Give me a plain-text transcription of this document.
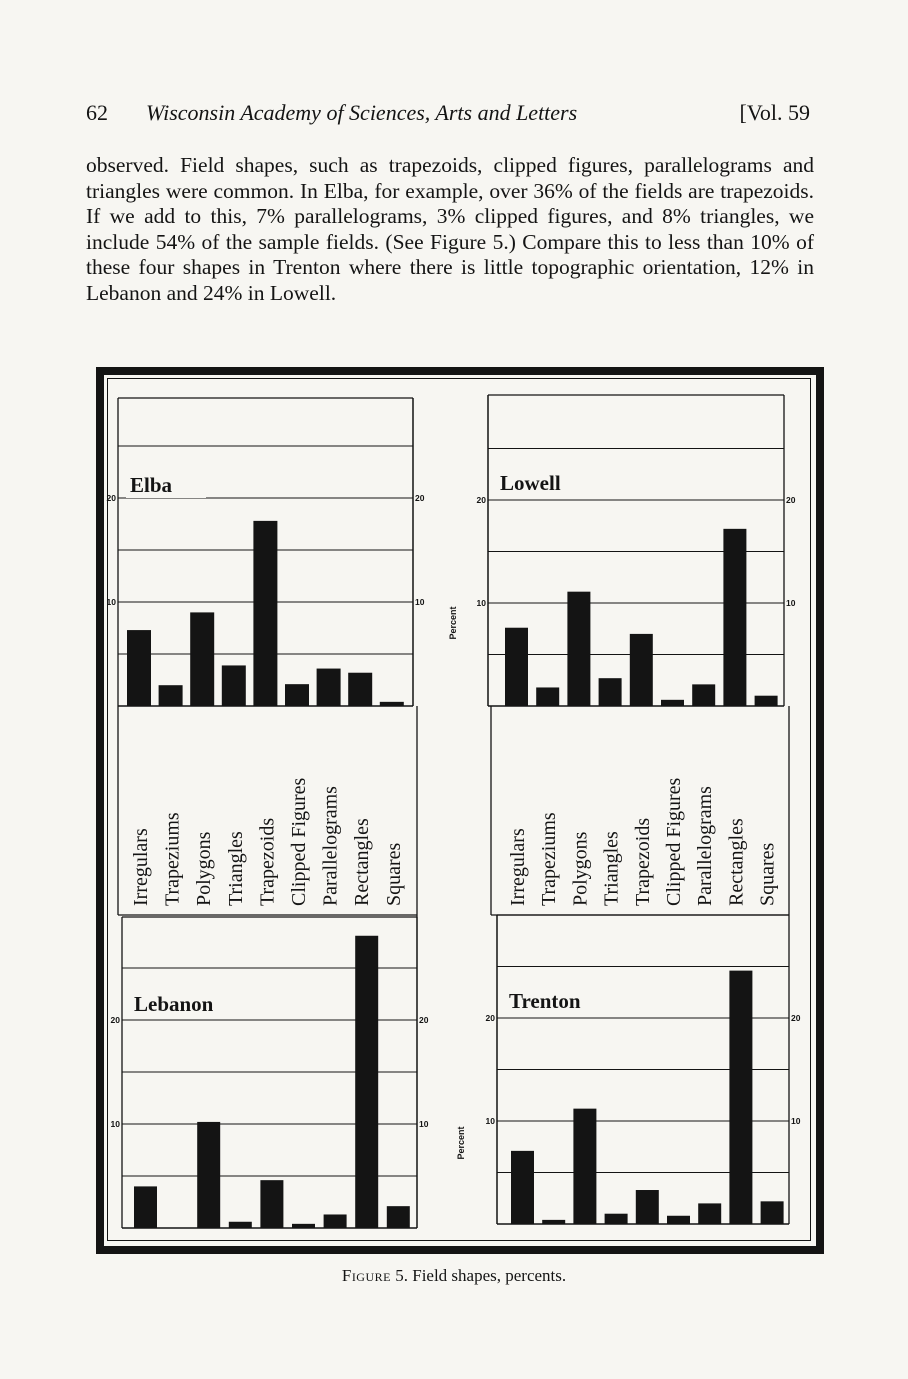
62 Wisconsin Academy of Sciences, Arts and Letters	[Vol. 59

observed. Field shapes, such as trapezoids, clipped figures, parallelograms and triangles were common. In Elba, for example, over 36% of the fields are trapezoids. If we add to this, 7% parallelograms, 3% clipped figures, and 8% triangles, we include 54% of the sample fields. (See Figure 5.) Compare this to less than 10% of these four shapes in Trenton where there is little topographic orientation, 12% in Lebanon and 24% in Lowell.

10	10
20	20
Elba
10	10
20	20
Lowell
10	10
20	20
Lebanon
10	10
20	20
Trenton
Irregulars Trapeziums Polygons Triangles Trapezoids Clipped Figures Parallelograms Rectangles Squares	Irregulars Trapeziums Polygons Triangles Trapezoids Clipped Figures Parallelograms Rectangles Squares
Percent
Percent
Figure 5. Field shapes, percents.
